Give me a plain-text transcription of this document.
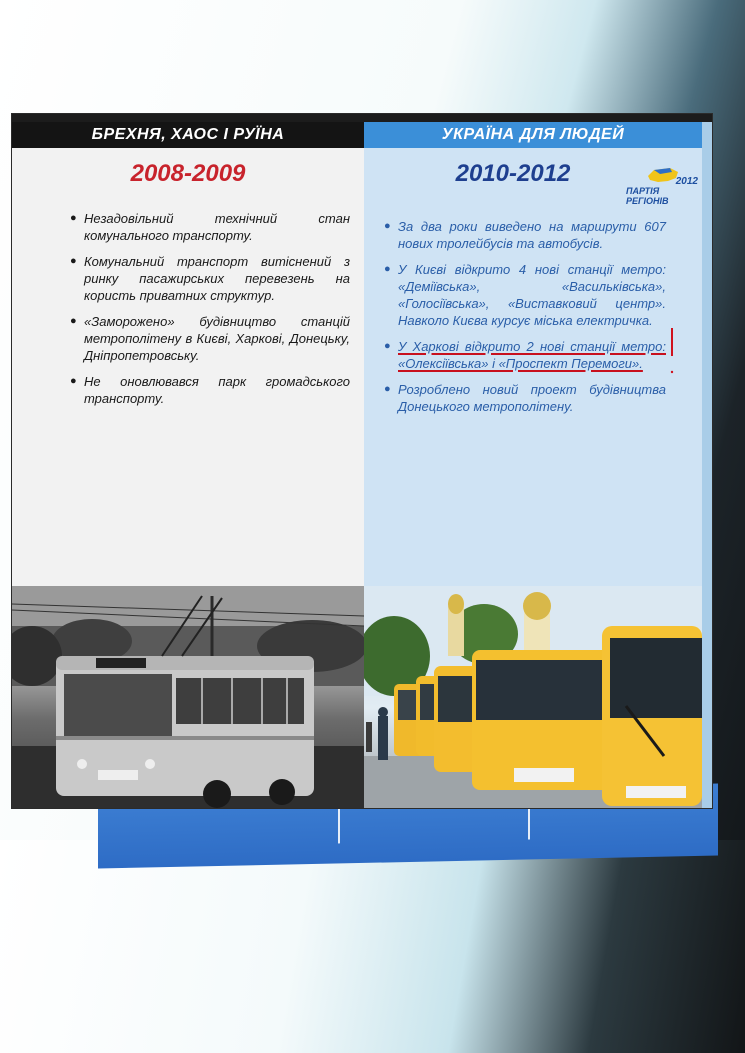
БРЕХНЯ, ХАОС І РУЇНА
2008-2009
● Незадовільний технічний стан комунального транспорту.
● Комунальний транспорт витіснений з ринку пасажирських перевезень на користь приватних структур.
● «Заморожено» будівництво станцій метрополітену в Києві, Харкові, Донецьку, Дніпропетровську.
● Не оновлювався парк громадського транспорту.
УКРАЇНА ДЛЯ ЛЮДЕЙ
2010-2012	2012
ПАРТІЯ РЕГІОНІВ
● За два роки виведено на маршрути 607 нових тролейбусів та автобусів.
● У Києві відкрито 4 нові станції метро: «Деміївська», «Васильківська», «Голосіївська», «Виставковий центр». Навколо Києва курсує міська електричка.
● У Харкові відкрито 2 нові станції метро: «Олексіївська» і «Проспект Перемоги».
● Розроблено новий проект будівництва Донецького метрополітену.
